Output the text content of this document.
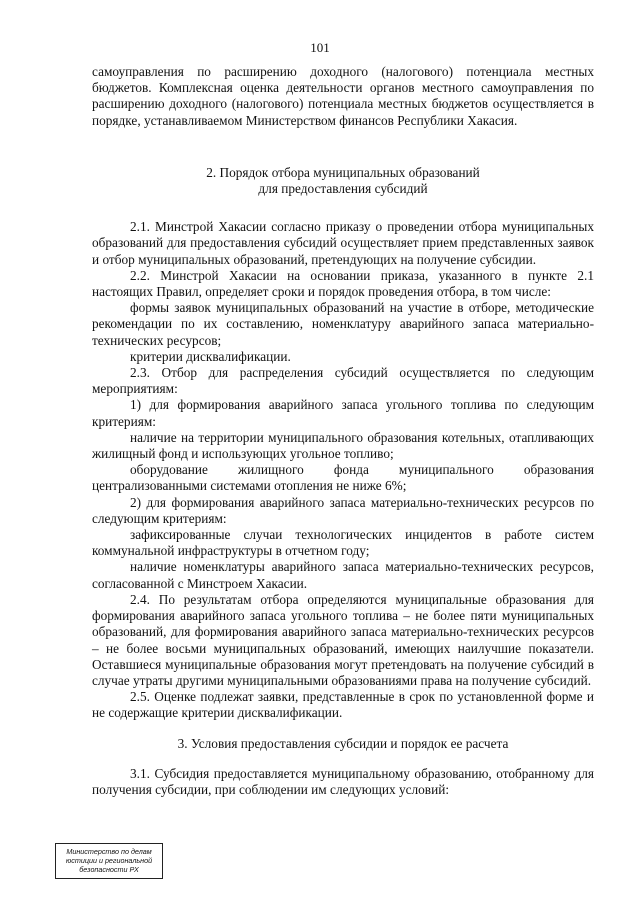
101

самоуправления по расширению доходного (налогового) потенциала местных бюджетов. Комплексная оценка деятельности органов местного самоуправления по расширению доходного (налогового) потенциала местных бюджетов осуществляется в порядке, устанавливаемом Министерством финансов Республики Хакасия.

2. Порядок отбора муниципальных образований

для предоставления субсидий

2.1. Минстрой Хакасии согласно приказу о проведении отбора муниципальных образований для предоставления субсидий осуществляет прием представленных заявок и отбор муниципальных образований, претендующих на получение субсидии.

2.2. Минстрой Хакасии на основании приказа, указанного в пункте 2.1 настоящих Правил, определяет сроки и порядок проведения отбора, в том числе:

формы заявок муниципальных образований на участие в отборе, методические рекомендации по их составлению, номенклатуру аварийного запаса материально-технических ресурсов;

критерии дисквалификации.

2.3. Отбор для распределения субсидий осуществляется по следующим мероприятиям:

1) для формирования аварийного запаса угольного топлива по следующим критериям:

наличие на территории муниципального образования котельных, отапливающих жилищный фонд и использующих угольное топливо;

оборудование жилищного фонда муниципального образования централизованными системами отопления не ниже 6%;

2) для формирования аварийного запаса материально-технических ресурсов по следующим критериям:

зафиксированные случаи технологических инцидентов в работе систем коммунальной инфраструктуры в отчетном году;

наличие номенклатуры аварийного запаса материально-технических ресурсов, согласованной с Минстроем Хакасии.

2.4. По результатам отбора определяются муниципальные образования для формирования аварийного запаса угольного топлива – не более пяти муниципальных образований, для формирования аварийного запаса материально-технических ресурсов – не более восьми муниципальных образований, имеющих наилучшие показатели. Оставшиеся муниципальные образования могут претендовать на получение субсидий в случае утраты другими муниципальными образованиями права на получение субсидий.

2.5. Оценке подлежат заявки, представленные в срок по установленной форме и не содержащие критерии дисквалификации.

3. Условия предоставления субсидии и порядок ее расчета

3.1. Субсидия предоставляется муниципальному образованию, отобранному для получения субсидии, при соблюдении им следующих условий:

Министерство по делам
юстиции и региональной
безопасности РХ
